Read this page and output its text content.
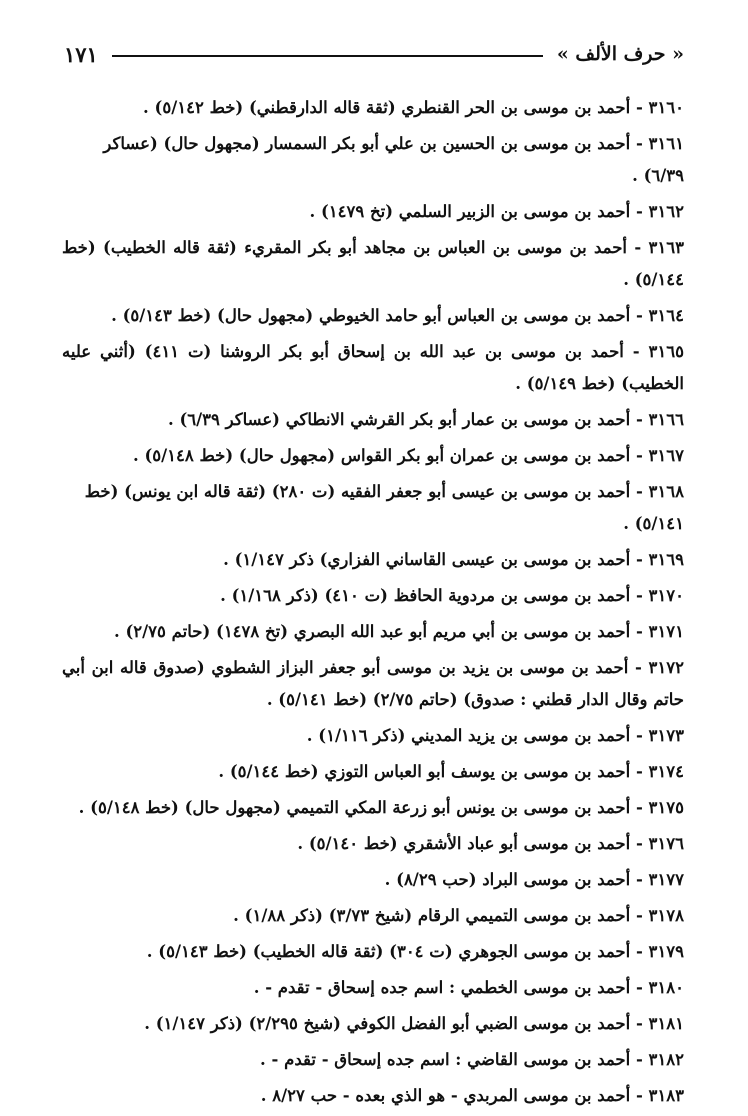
« حرف الألف »
١٧١

٣١٦٠ - أحمد بن موسى بن الحر القنطري (ثقة قاله الدارقطني) (خط ٥/١٤٢) .

٣١٦١ - أحمد بن موسى بن الحسين بن علي أبو بكر السمسار (مجهول حال) (عساكر ٦/٣٩) .

٣١٦٢ - أحمد بن موسى بن الزبير السلمي (تخ ١٤٧٩) .

٣١٦٣ - أحمد بن موسى بن العباس بن مجاهد أبو بكر المقريء (ثقة قاله الخطيب) (خط ٥/١٤٤) .

٣١٦٤ - أحمد بن موسى بن العباس أبو حامد الخيوطي (مجهول حال) (خط ٥/١٤٣) .

٣١٦٥ - أحمد بن موسى بن عبد الله بن إسحاق أبو بكر الروشنا (ت ٤١١) (أثني عليه الخطيب) (خط ٥/١٤٩) .

٣١٦٦ - أحمد بن موسى بن عمار أبو بكر القرشي الانطاكي (عساكر ٦/٣٩) .

٣١٦٧ - أحمد بن موسى بن عمران أبو بكر القواس (مجهول حال) (خط ٥/١٤٨) .

٣١٦٨ - أحمد بن موسى بن عيسى أبو جعفر الفقيه (ت ٢٨٠) (ثقة قاله ابن يونس) (خط ٥/١٤١) .

٣١٦٩ - أحمد بن موسى بن عيسى القاساني الفزاري) ذكر ١/١٤٧) .

٣١٧٠ - أحمد بن موسى بن مردوية الحافظ (ت ٤١٠) (ذكر ١/١٦٨) .

٣١٧١ - أحمد بن موسى بن أبي مريم أبو عبد الله البصري (تخ ١٤٧٨) (حاتم ٢/٧٥) .

٣١٧٢ - أحمد بن موسى بن يزيد بن موسى أبو جعفر البزاز الشطوي (صدوق قاله ابن أبي حاتم وقال الدار قطني : صدوق) (حاتم ٢/٧٥) (خط ٥/١٤١) .

٣١٧٣ - أحمد بن موسى بن يزيد المديني (ذكر ١/١١٦) .

٣١٧٤ - أحمد بن موسى بن يوسف أبو العباس التوزي (خط ٥/١٤٤) .

٣١٧٥ - أحمد بن موسى بن يونس أبو زرعة المكي التميمي (مجهول حال) (خط ٥/١٤٨) .

٣١٧٦ - أحمد بن موسى أبو عباد الأشقري (خط ٥/١٤٠) .

٣١٧٧ - أحمد بن موسى البراد (حب ٨/٢٩) .

٣١٧٨ - أحمد بن موسى التميمي الرقام (شيخ ٣/٧٣) (ذكر ١/٨٨) .

٣١٧٩ - أحمد بن موسى الجوهري (ت ٣٠٤) (ثقة قاله الخطيب) (خط ٥/١٤٣) .

٣١٨٠ - أحمد بن موسى الخطمي : اسم جده إسحاق - تقدم - .

٣١٨١ - أحمد بن موسى الضبي أبو الفضل الكوفي (شيخ ٢/٢٩٥) (ذكر ١/١٤٧) .

٣١٨٢ - أحمد بن موسى القاضي : اسم جده إسحاق - تقدم - .

٣١٨٣ - أحمد بن موسى المربدي - هو الذي بعده - حب ٨/٢٧ .
